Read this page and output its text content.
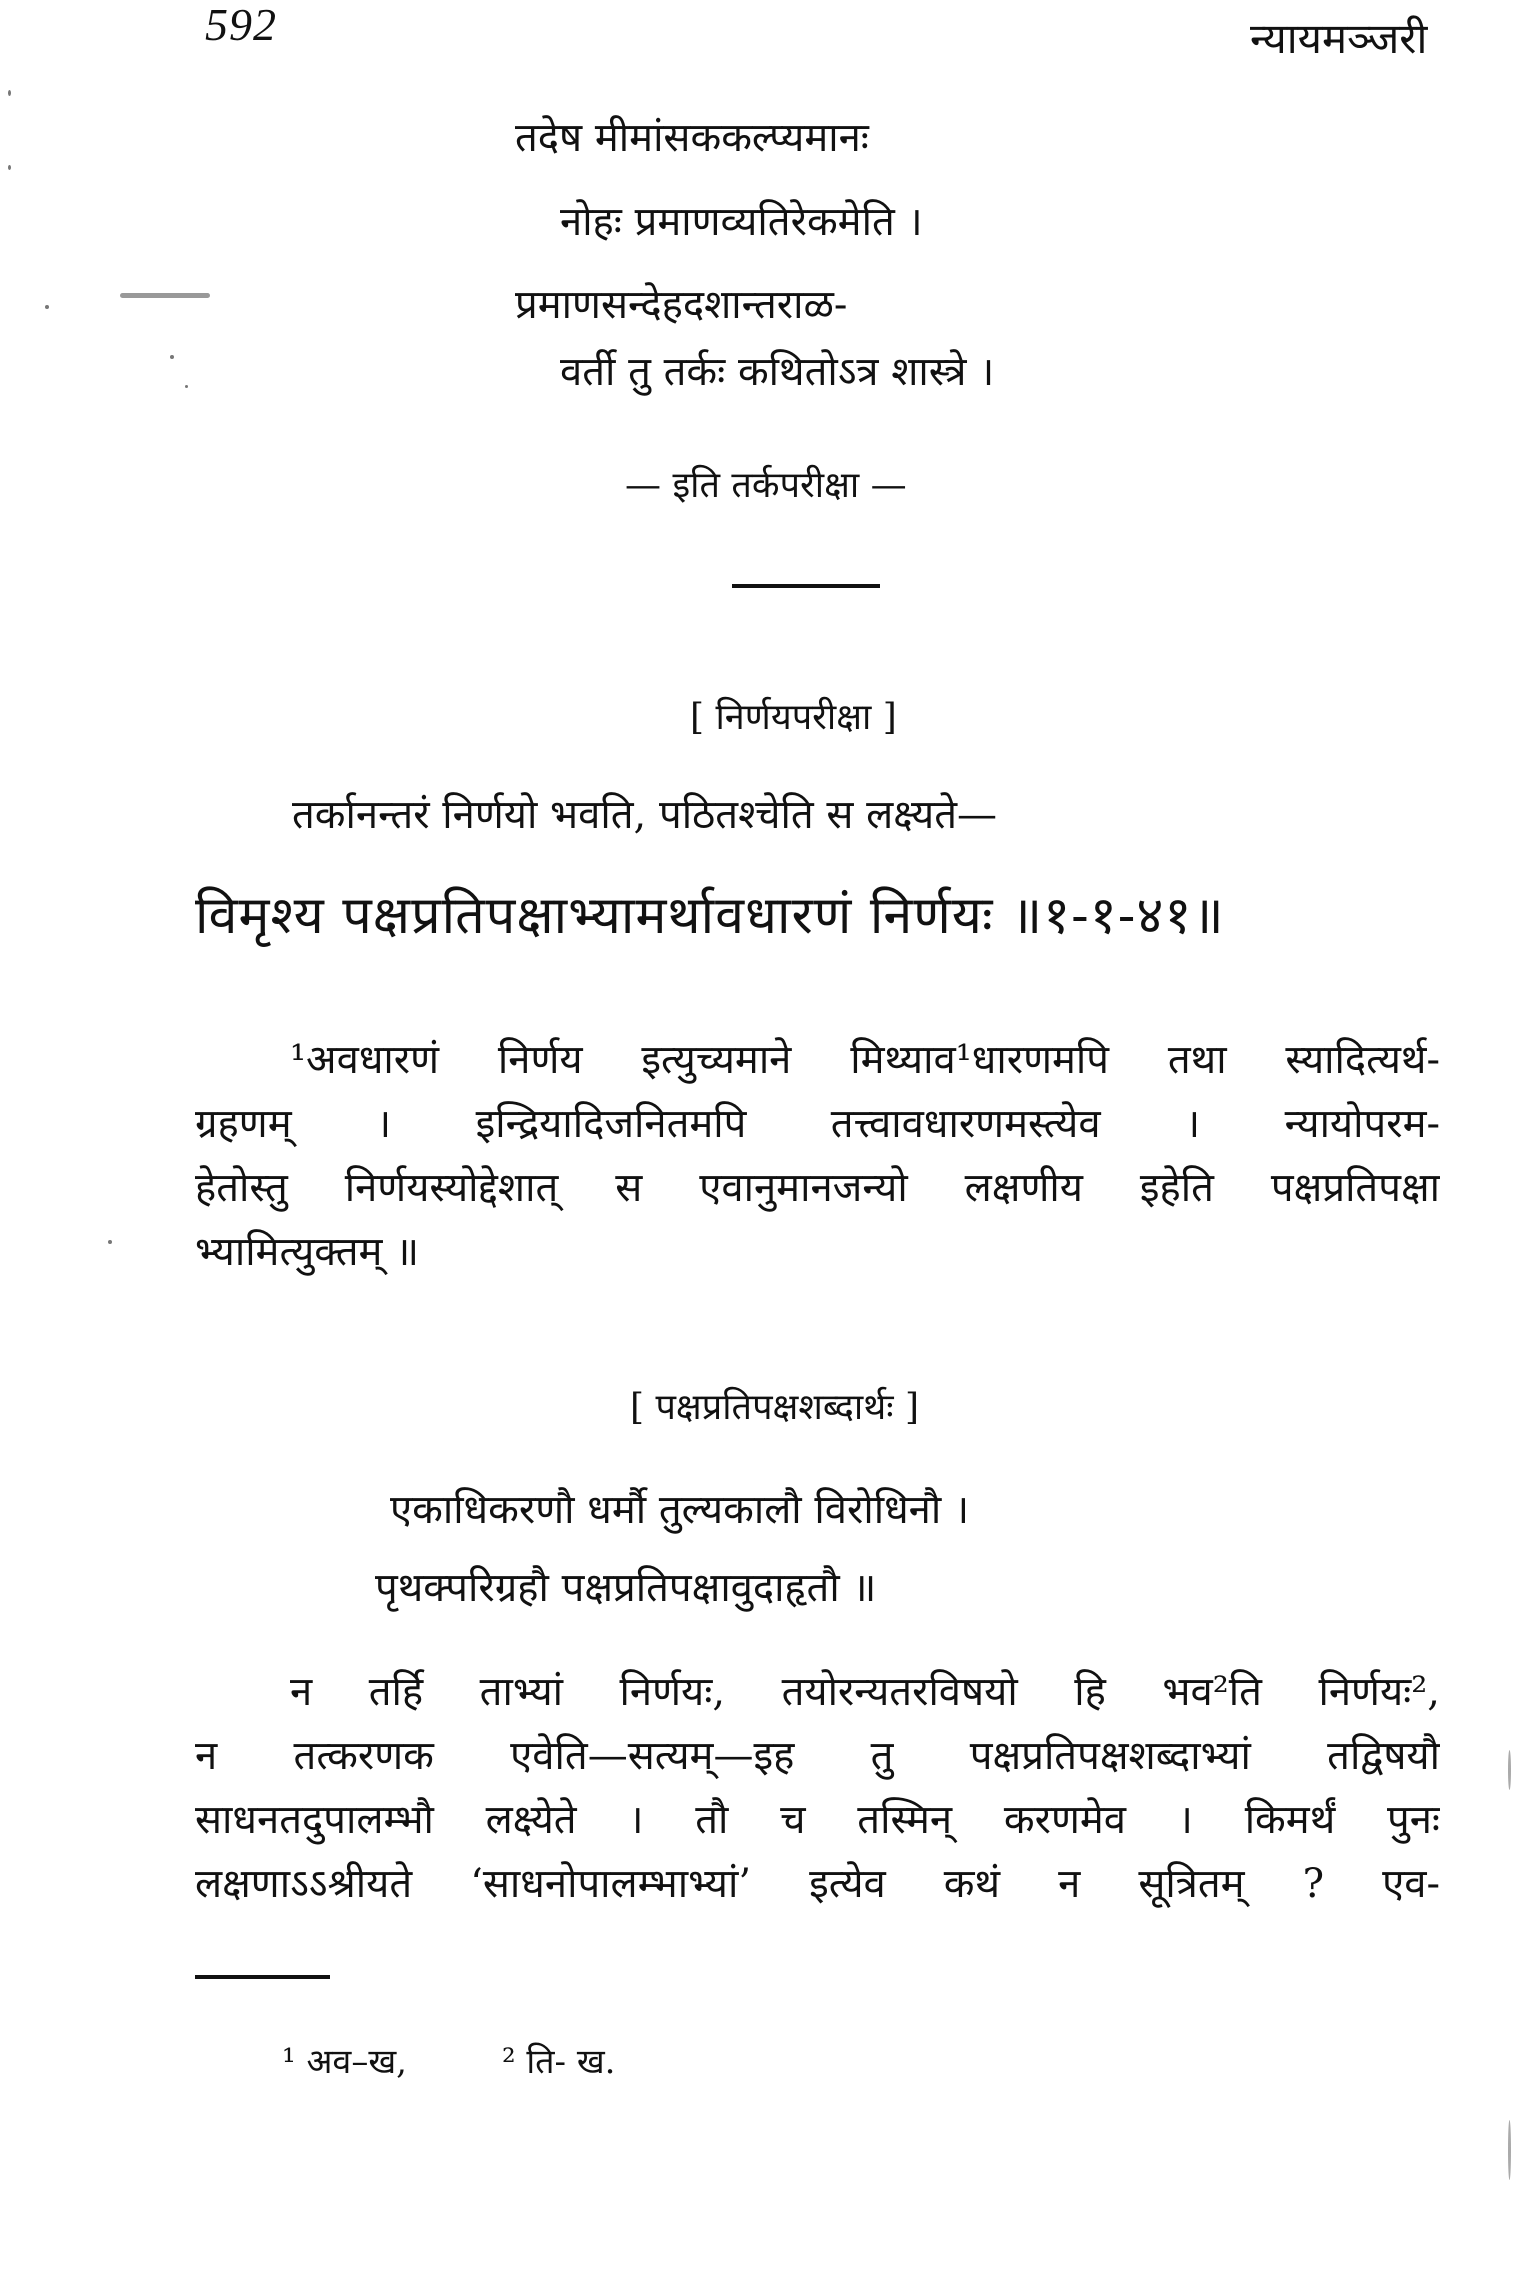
592	न्यायमञ्जरी
तदेष मीमांसककल्प्यमानः
नोहः प्रमाणव्यतिरेकमेति ।
प्रमाणसन्देहदशान्तराळ-
वर्ती तु तर्कः कथितोऽत्र शास्त्रे ।
— इति तर्कपरीक्षा —
[ निर्णयपरीक्षा ]
तर्कानन्तरं निर्णयो भवति, पठितश्चेति स लक्ष्यते—
विमृश्य पक्षप्रतिपक्षाभ्यामर्थावधारणं निर्णयः ॥१-१-४१॥
¹अवधारणं निर्णय इत्युच्यमाने मिथ्याव¹धारणमपि तथा स्यादित्यर्थ-
ग्रहणम् । इन्द्रियादिजनितमपि तत्त्वावधारणमस्त्येव । न्यायोपरम-
हेतोस्तु निर्णयस्योद्देशात् स एवानुमानजन्यो लक्षणीय इहेति पक्षप्रतिपक्षा
भ्यामित्युक्तम् ॥
[ पक्षप्रतिपक्षशब्दार्थः ]
एकाधिकरणौ धर्मौ तुल्यकालौ विरोधिनौ ।
पृथक्परिग्रहौ पक्षप्रतिपक्षावुदाहृतौ ॥
न तर्हि ताभ्यां निर्णयः, तयोरन्यतरविषयो हि भव²ति निर्णयः²,
न तत्करणक एवेति—सत्यम्—इह तु पक्षप्रतिपक्षशब्दाभ्यां तद्विषयौ
साधनतदुपालम्भौ लक्ष्येते । तौ च तस्मिन् करणमेव । किमर्थं पुनः
लक्षणाऽऽश्रीयते ‘साधनोपालम्भाभ्यां’ इत्येव कथं न सूत्रितम् ? एव-
¹ अव–ख,	² ति- ख.
